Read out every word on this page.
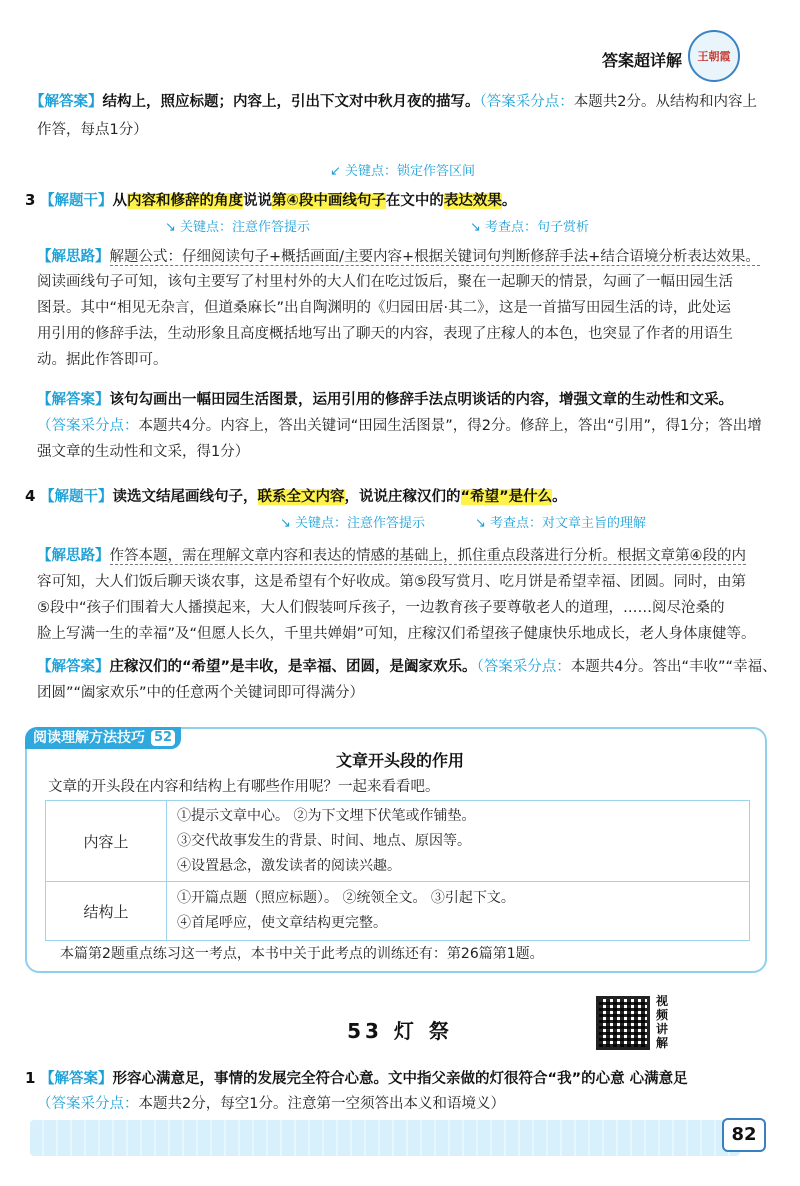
答案超详解 王朝霞
【解答案】结构上，照应标题；内容上，引出下文对中秋月夜的描写。（答案采分点：本题共2分。从结构和内容上
作答，每点1分）
↙ 关键点：锁定作答区间
3 【解题干】从内容和修辞的角度说说第④段中画线句子在文中的表达效果。
↘ 关键点：注意作答提示	↘ 考查点：句子赏析
【解思路】解题公式：仔细阅读句子+概括画面/主要内容+根据关键词句判断修辞手法+结合语境分析表达效果。
阅读画线句子可知，该句主要写了村里村外的大人们在吃过饭后，聚在一起聊天的情景，勾画了一幅田园生活
图景。其中“相见无杂言，但道桑麻长”出自陶渊明的《归园田居·其二》，这是一首描写田园生活的诗，此处运
用引用的修辞手法，生动形象且高度概括地写出了聊天的内容，表现了庄稼人的本色，也突显了作者的用语生
动。据此作答即可。
【解答案】该句勾画出一幅田园生活图景，运用引用的修辞手法点明谈话的内容，增强文章的生动性和文采。
（答案采分点：本题共4分。内容上，答出关键词“田园生活图景”，得2分。修辞上，答出“引用”，得1分；答出增
强文章的生动性和文采，得1分）
4 【解题干】读选文结尾画线句子，联系全文内容，说说庄稼汉们的“希望”是什么。
↘ 关键点：注意作答提示	↘ 考查点：对文章主旨的理解
【解思路】作答本题，需在理解文章内容和表达的情感的基础上，抓住重点段落进行分析。根据文章第④段的内
容可知，大人们饭后聊天谈农事，这是希望有个好收成。第⑤段写赏月、吃月饼是希望幸福、团圆。同时，由第
⑤段中“孩子们围着大人播摸起来，大人们假装呵斥孩子，一边教育孩子要尊敬老人的道理，……阅尽沧桑的
脸上写满一生的幸福”及“但愿人长久，千里共婵娟”可知，庄稼汉们希望孩子健康快乐地成长，老人身体康健等。
【解答案】庄稼汉们的“希望”是丰收，是幸福、团圆，是阖家欢乐。（答案采分点：本题共4分。答出“丰收”“幸福、
团圆”“阖家欢乐”中的任意两个关键词即可得满分）
阅读理解方法技巧 52
文章开头段的作用
文章的开头段在内容和结构上有哪些作用呢？一起来看看吧。
内容上	①提示文章中心。 ②为下文埋下伏笔或作铺垫。
③交代故事发生的背景、时间、地点、原因等。
④设置悬念，激发读者的阅读兴趣。

结构上	①开篇点题（照应标题）。 ②统领全文。 ③引起下文。
④首尾呼应，使文章结构更完整。
本篇第2题重点练习这一考点，本书中关于此考点的训练还有：第26篇第1题。
53 灯 祭
视频讲解
1 【解答案】形容心满意足，事情的发展完全符合心意。文中指父亲做的灯很符合“我”的心意 心满意足
（答案采分点：本题共2分，每空1分。注意第一空须答出本义和语境义）
82
